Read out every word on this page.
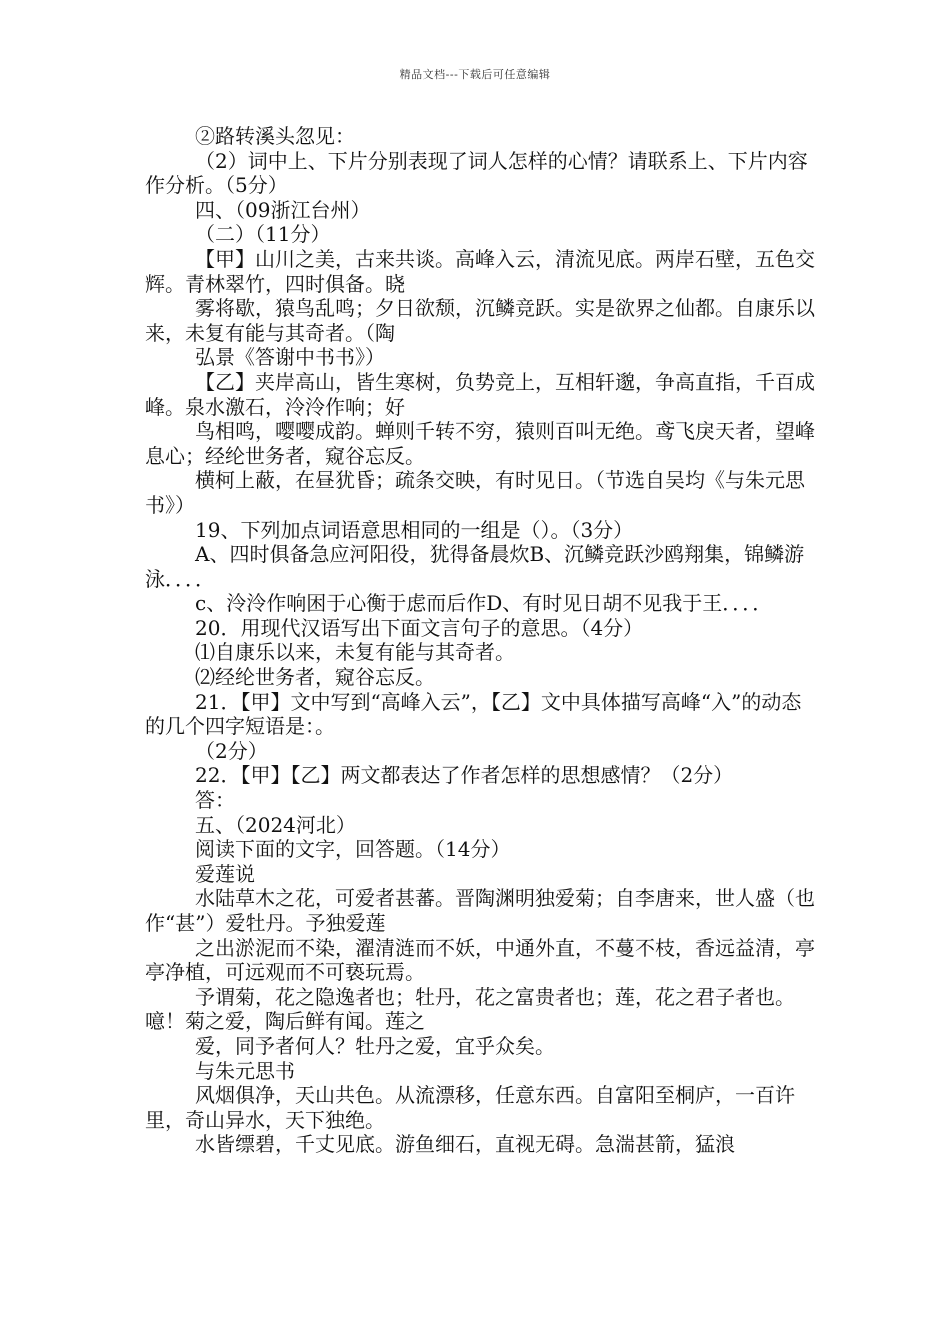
精品文档---下载后可任意编辑

②路转溪头忽见：

（2）词中上、下片分别表现了词人怎样的心情？请联系上、下片内容作分析。（5分）

四、（09浙江台州）

（二）（11分）

【甲】山川之美，古来共谈。高峰入云，清流见底。两岸石壁，五色交辉。青林翠竹，四时俱备。晓

雾将歇，猿鸟乱鸣；夕日欲颓，沉鳞竞跃。实是欲界之仙都。自康乐以来，未复有能与其奇者。（陶

弘景《答谢中书书》）

【乙】夹岸高山，皆生寒树，负势竞上，互相轩邈，争高直指，千百成峰。泉水激石，泠泠作响；好

鸟相鸣，嘤嘤成韵。蝉则千转不穷，猿则百叫无绝。鸢飞戾天者，望峰息心；经纶世务者，窥谷忘反。

横柯上蔽，在昼犹昏；疏条交映，有时见日。（节选自吴均《与朱元思书》）

19、下列加点词语意思相同的一组是（）。（3分）

A、四时俱备急应河阳役，犹得备晨炊B、沉鳞竞跃沙鸥翔集，锦鳞游泳．．．．

c、泠泠作响困于心衡于虑而后作D、有时见日胡不见我于王．．．．

20．用现代汉语写出下面文言句子的意思。（4分）

⑴自康乐以来，未复有能与其奇者。

⑵经纶世务者，窥谷忘反。

21．【甲】文中写到“高峰入云”，【乙】文中具体描写高峰“入”的动态的几个四字短语是：。

（2分）

22．【甲】【乙】两文都表达了作者怎样的思想感情？（2分）

答：

五、（2024河北）

阅读下面的文字，回答题。（14分）

爱莲说

水陆草木之花，可爱者甚蕃。晋陶渊明独爱菊；自李唐来，世人盛（也作“甚”）爱牡丹。予独爱莲

之出淤泥而不染，濯清涟而不妖，中通外直，不蔓不枝，香远益清，亭亭净植，可远观而不可亵玩焉。

予谓菊，花之隐逸者也；牡丹，花之富贵者也；莲，花之君子者也。噫！菊之爱，陶后鲜有闻。莲之

爱，同予者何人？牡丹之爱，宜乎众矣。

与朱元思书

风烟俱净，天山共色。从流漂移，任意东西。自富阳至桐庐，一百许里，奇山异水，天下独绝。

水皆缥碧，千丈见底。游鱼细石，直视无碍。急湍甚箭，猛浪
